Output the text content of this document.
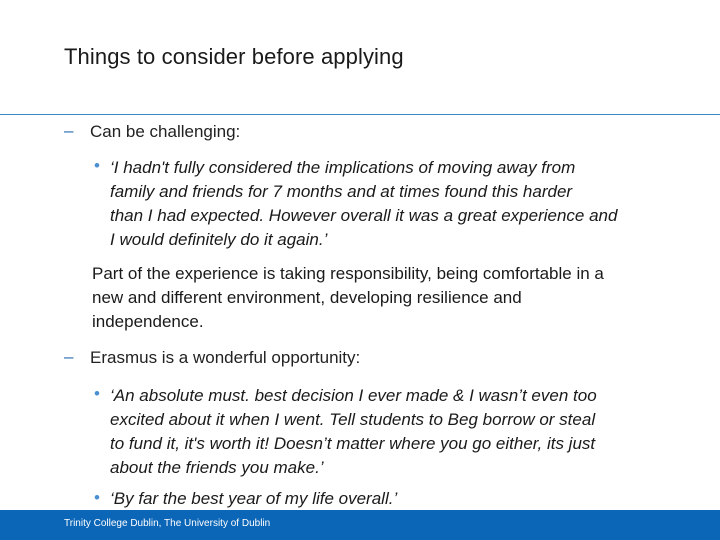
Things to consider before applying
– Can be challenging:
• ‘I hadn't fully considered the implications of moving away from
family and friends for 7 months and at times found this harder
than I had expected. However overall it was a great experience and
I would definitely do it again.’
Part of the experience is taking responsibility, being comfortable in a
new and different environment, developing resilience and
independence.
– Erasmus is a wonderful opportunity:
• ‘An absolute must. best decision I ever made & I wasn’t even too
excited about it when I went. Tell students to Beg borrow or steal
to fund it, it's worth it! Doesn’t matter where you go either, its just
about the friends you make.’
• ‘By far the best year of my life overall.’
Trinity College Dublin, The University of Dublin
